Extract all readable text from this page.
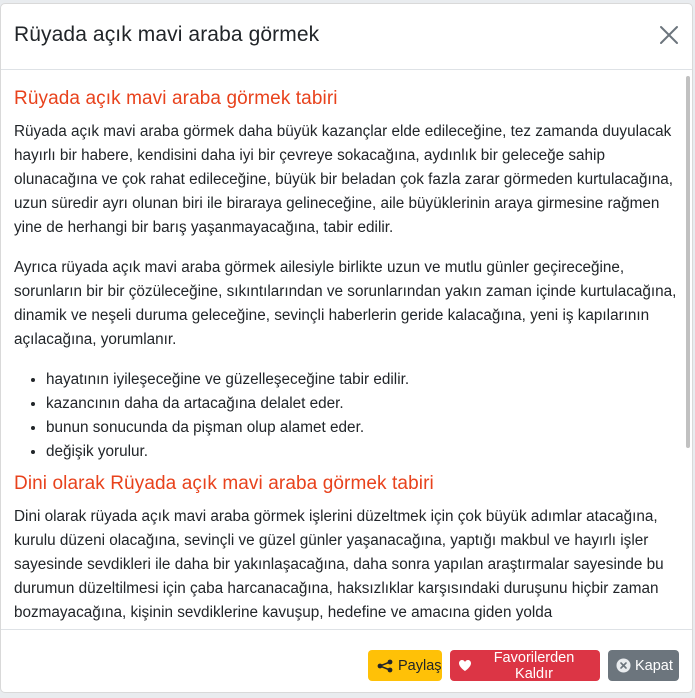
Rüyada açık mavi araba görmek
Rüyada açık mavi araba görmek tabiri

Rüyada açık mavi araba görmek daha büyük kazançlar elde edileceğine, tez zamanda duyulacak hayırlı bir habere, kendisini daha iyi bir çevreye sokacağına, aydınlık bir geleceğe sahip olunacağına ve çok rahat edileceğine, büyük bir beladan çok fazla zarar görmeden kurtulacağına, uzun süredir ayrı olunan biri ile biraraya gelineceğine, aile büyüklerinin araya girmesine rağmen yine de herhangi bir barış yaşanmayacağına, tabir edilir.

Ayrıca rüyada açık mavi araba görmek ailesiyle birlikte uzun ve mutlu günler geçireceğine, sorunların bir bir çözüleceğine, sıkıntılarından ve sorunlarından yakın zaman içinde kurtulacağına, dinamik ve neşeli duruma geleceğine, sevinçli haberlerin geride kalacağına, yeni iş kapılarının açılacağına, yorumlanır.

• hayatının iyileşeceğine ve güzelleşeceğine tabir edilir.
• kazancının daha da artacağına delalet eder.
• bunun sonucunda da pişman olup alamet eder.
• değişik yorulur.
Dini olarak Rüyada açık mavi araba görmek tabiri

Dini olarak rüyada açık mavi araba görmek işlerini düzeltmek için çok büyük adımlar atacağına, kurulu düzeni olacağına, sevinçli ve güzel günler yaşanacağına, yaptığı makbul ve hayırlı işler sayesinde sevdikleri ile daha bir yakınlaşacağına, daha sonra yapılan araştırmalar sayesinde bu durumun düzeltilmesi için çaba harcanacağına, haksızlıklar karşısındaki duruşunu hiçbir zaman bozmayacağına, kişinin sevdiklerine kavuşup, hedefine ve amacına giden yolda

Paylaş	Favorilerden Kaldır	Kapat
